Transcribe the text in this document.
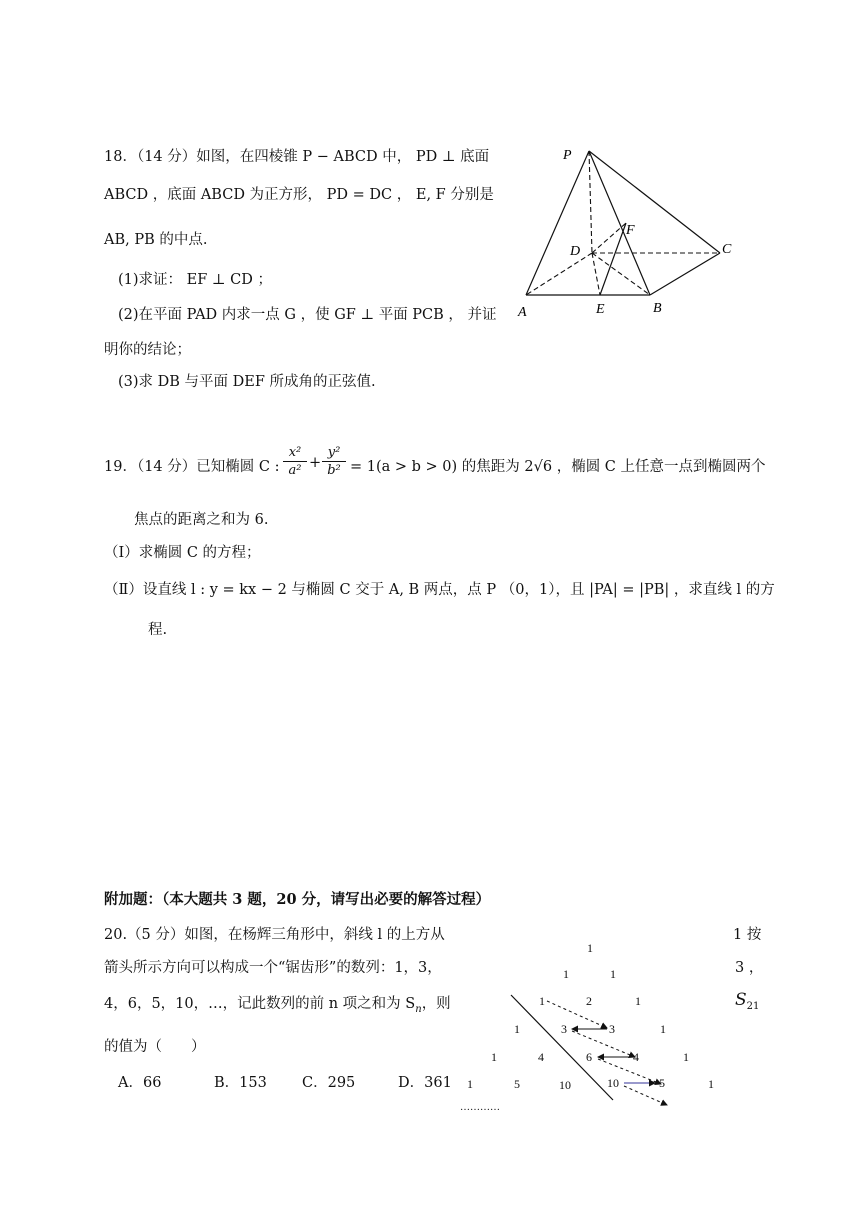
18．（14 分）如图，在四棱锥 P − ABCD 中， PD ⊥ 底面
ABCD ，底面 ABCD 为正方形， PD = DC ， E, F 分别是
AB, PB 的中点.
(1)求证： EF ⊥ CD ；
(2)在平面 PAD 内求一点 G ，使 GF ⊥ 平面 PCB ， 并证
明你的结论；
(3)求 DB 与平面 DEF 所成角的正弦值.
P
D
F
C
A	E	B
19．（14 分）已知椭圆 C : $\frac{\text{x²}}{\text{a²}} + \frac{\text{y²}}{\text{b²}} = 1(a > b > 0)$ 的焦距为 2√6 ，椭圆 C 上任意一点到椭圆两个
焦点的距离之和为 6.
（Ⅰ）求椭圆 C 的方程；
（Ⅱ）设直线 l : y = kx − 2 与椭圆 C 交于 A, B 两点，点 P （0，1），且 |PA| = |PB| ，求直线 l 的方
程.
附加题：（本大题共 3 题，20 分，请写出必要的解答过程）
20.（5 分）如图，在杨辉三角形中，斜线 l 的上方从	1 按
箭头所示方向可以构成一个“锯齿形”的数列：1，3，	3 ，
4，6，5，10，…，记此数列的前 n 项之和为 $S_n$，则	$S_{21}$
的值为（　　）
A．66	B．153 C．295	D．361
1
1	1
1	2	1
1	3	3	1
1	4	6	4	1
1	5	10	10	5	1
…………
